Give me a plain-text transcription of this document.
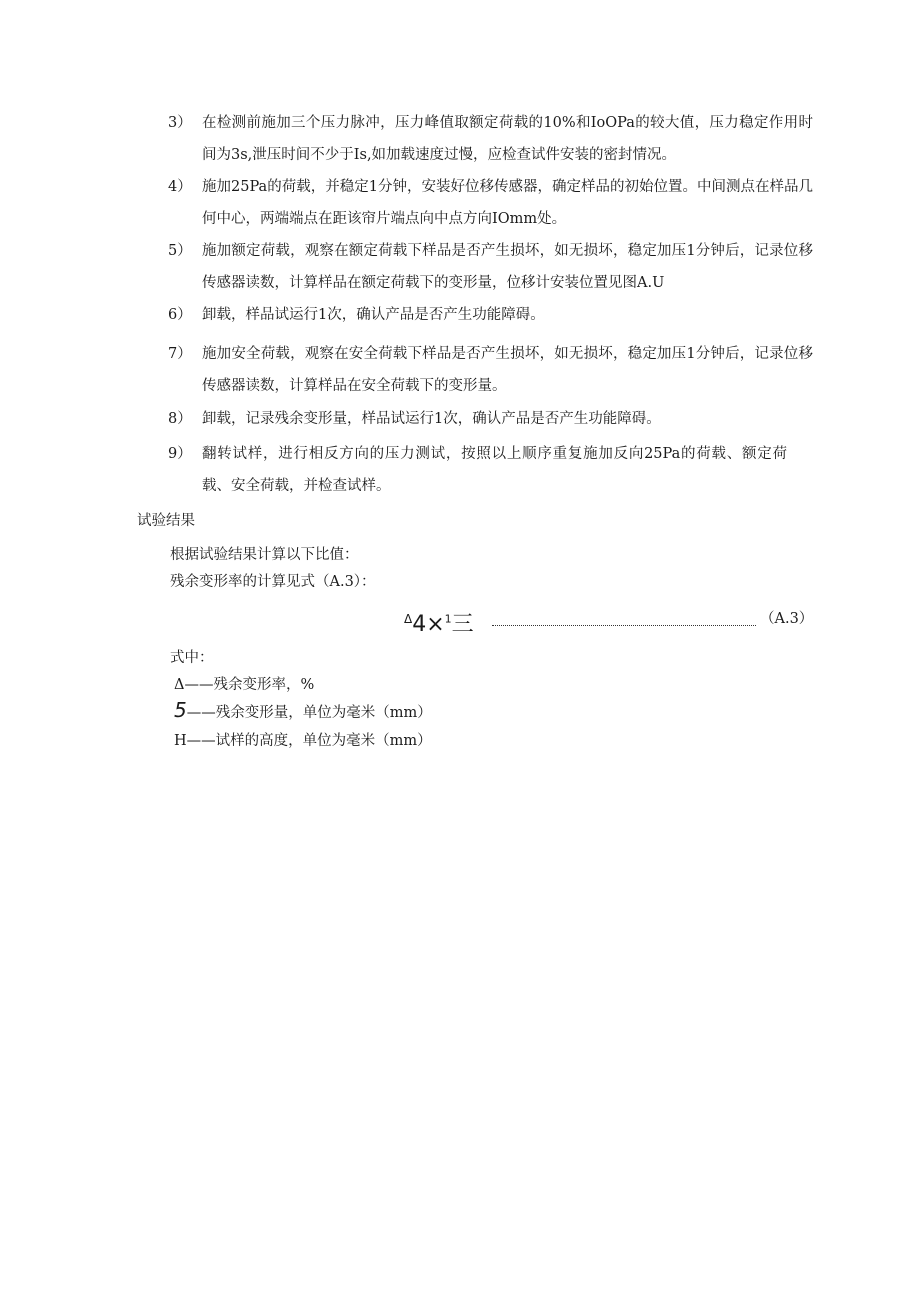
3） 在检测前施加三个压力脉冲，压力峰值取额定荷载的10%和IoOPa的较大值，压力稳定作用时间为3s,泄压时间不少于Is,如加载速度过慢，应检查试件安装的密封情况。
4） 施加25Pa的荷载，并稳定1分钟，安装好位移传感器，确定样品的初始位置。中间测点在样品几何中心，两端端点在距该帘片端点向中点方向IOmm处。
5） 施加额定荷载，观察在额定荷载下样品是否产生损坏，如无损坏，稳定加压1分钟后，记录位移传感器读数，计算样品在额定荷载下的变形量，位移计安装位置见图A.U
6） 卸载，样品试运行1次，确认产品是否产生功能障碍。
7） 施加安全荷载，观察在安全荷载下样品是否产生损坏，如无损坏，稳定加压1分钟后，记录位移传感器读数，计算样品在安全荷载下的变形量。
8） 卸载，记录残余变形量，样品试运行1次，确认产品是否产生功能障碍。
9） 翻转试样，进行相反方向的压力测试，按照以上顺序重复施加反向25Pa的荷载、额定荷载、安全荷载，并检查试样。
试验结果
根据试验结果计算以下比值：
残余变形率的计算见式（A.3）：
$^\Delta$4×$^1$三	（A.3）
式中：
Δ——残余变形率，%
5——残余变形量，单位为毫米（mm）
H——试样的高度，单位为毫米（mm）
